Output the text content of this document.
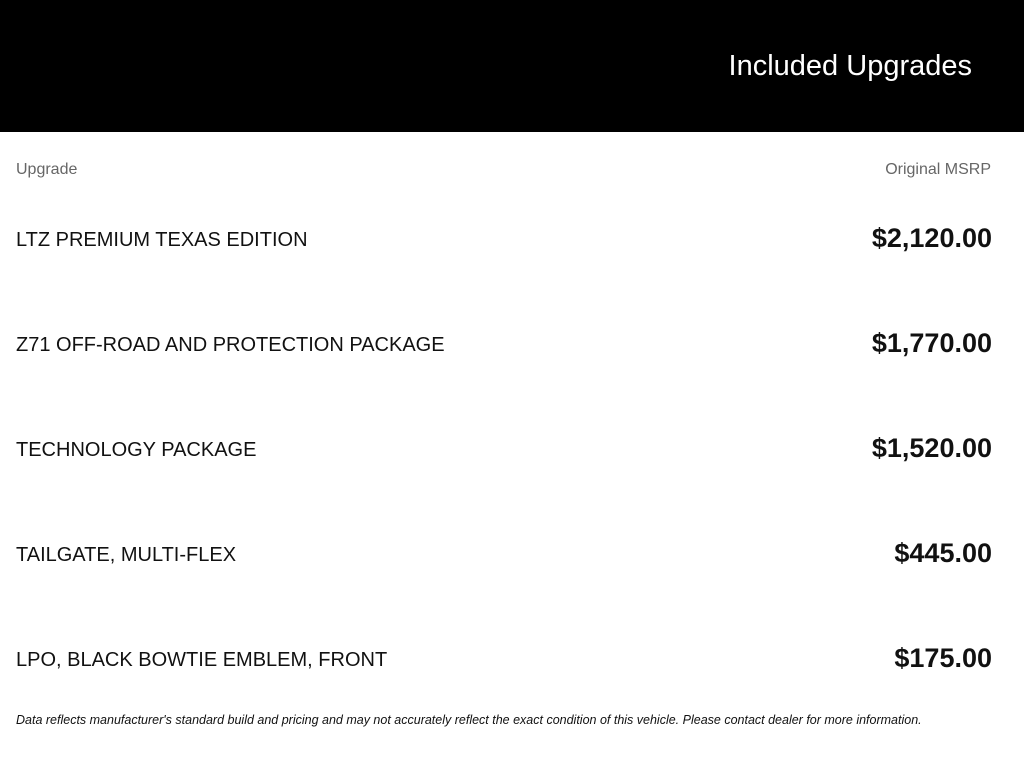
Included Upgrades
Upgrade	Original MSRP
LTZ PREMIUM TEXAS EDITION	$2,120.00
Z71 OFF-ROAD AND PROTECTION PACKAGE	$1,770.00
TECHNOLOGY PACKAGE	$1,520.00
TAILGATE, MULTI-FLEX	$445.00
LPO, BLACK BOWTIE EMBLEM, FRONT	$175.00
Data reflects manufacturer's standard build and pricing and may not accurately reflect the exact condition of this vehicle. Please contact dealer for more information.
